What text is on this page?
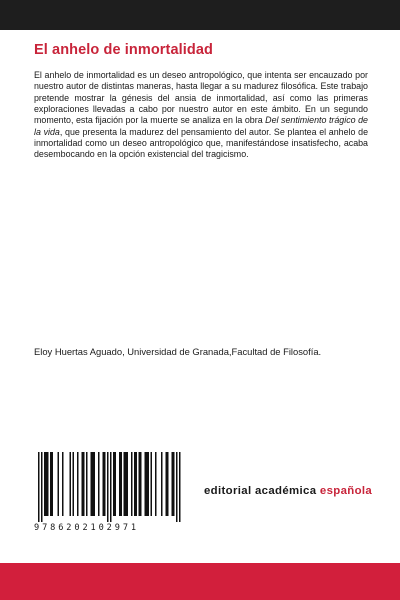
El anhelo de inmortalidad
El anhelo de inmortalidad es un deseo antropológico, que intenta ser encauzado por nuestro autor de distintas maneras, hasta llegar a su madurez filosófica. Este trabajo pretende mostrar la génesis del ansia de inmortalidad, así como las primeras exploraciones llevadas a cabo por nuestro autor en este ámbito. En un segundo momento, esta fijación por la muerte se analiza en la obra Del sentimiento trágico de la vida, que presenta la madurez del pensamiento del autor. Se plantea el anhelo de inmortalidad como un deseo antropológico que, manifestándose insatisfecho, acaba desembocando en la opción existencial del tragicismo.
Eloy Huertas Aguado, Universidad de Granada,Facultad de Filosofía.
9786202102971
editorial académica española
